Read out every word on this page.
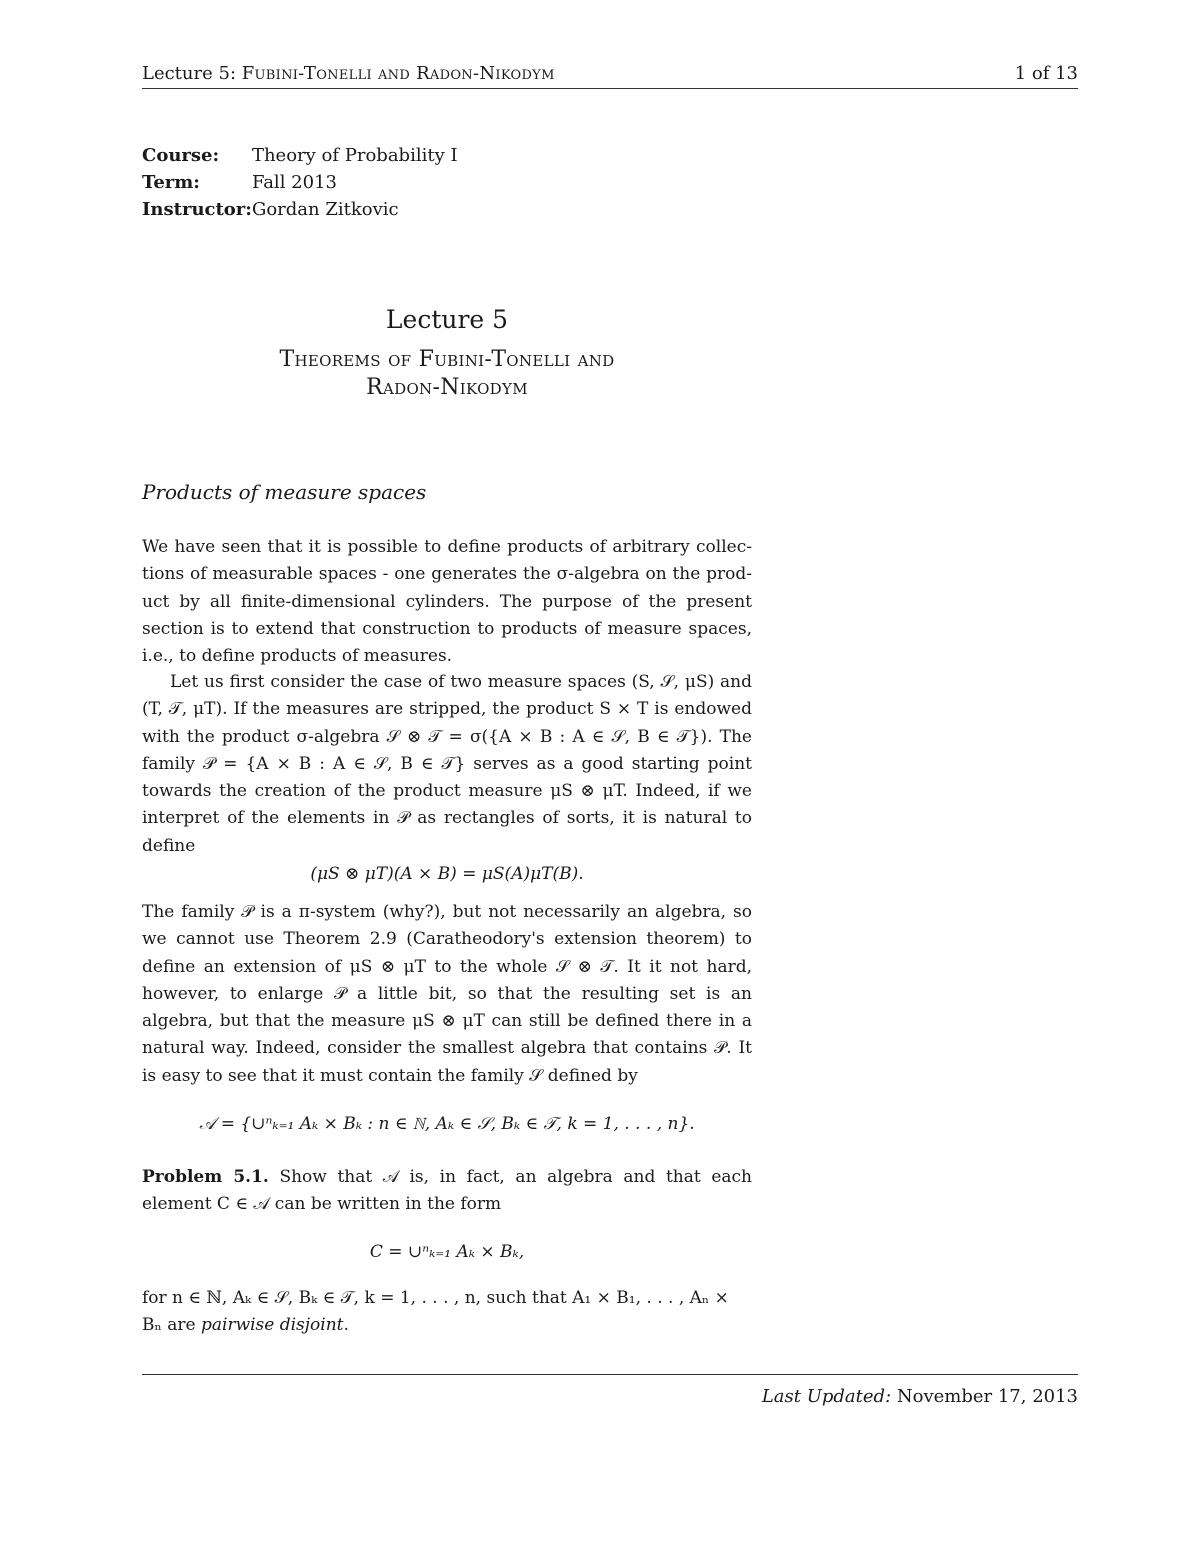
Lecture 5: Fubini-Tonelli and Radon-Nikodym	1 of 13
Course:	Theory of Probability I
Term:	Fall 2013
Instructor:	Gordan Zitkovic
Lecture 5
Theorems of Fubini-Tonelli and
Radon-Nikodym
Products of measure spaces
We have seen that it is possible to define products of arbitrary collections of measurable spaces - one generates the σ-algebra on the product by all finite-dimensional cylinders. The purpose of the present section is to extend that construction to products of measure spaces, i.e., to define products of measures.
Let us first consider the case of two measure spaces (S, 𝒮, μS) and (T, 𝒯, μT). If the measures are stripped, the product S × T is endowed with the product σ-algebra 𝒮 ⊗ 𝒯 = σ({A × B : A ∈ 𝒮, B ∈ 𝒯}). The family 𝒫 = {A × B : A ∈ 𝒮, B ∈ 𝒯} serves as a good starting point towards the creation of the product measure μS ⊗ μT. Indeed, if we interpret of the elements in 𝒫 as rectangles of sorts, it is natural to define
(μS ⊗ μT)(A × B) = μS(A)μT(B).
The family 𝒫 is a π-system (why?), but not necessarily an algebra, so we cannot use Theorem 2.9 (Caratheodory's extension theorem) to define an extension of μS ⊗ μT to the whole 𝒮 ⊗ 𝒯. It it not hard, however, to enlarge 𝒫 a little bit, so that the resulting set is an algebra, but that the measure μS ⊗ μT can still be defined there in a natural way. Indeed, consider the smallest algebra that contains 𝒫. It is easy to see that it must contain the family 𝒮 defined by
𝒜 = {∪ⁿₖ₌₁ Aₖ × Bₖ : n ∈ ℕ, Aₖ ∈ 𝒮, Bₖ ∈ 𝒯, k = 1, . . . , n}.
Problem 5.1. Show that 𝒜 is, in fact, an algebra and that each element C ∈ 𝒜 can be written in the form
C = ∪ⁿₖ₌₁ Aₖ × Bₖ,
for n ∈ ℕ, Aₖ ∈ 𝒮, Bₖ ∈ 𝒯, k = 1, . . . , n, such that A₁ × B₁, . . . , Aₙ × Bₙ are pairwise disjoint.
Last Updated: November 17, 2013
